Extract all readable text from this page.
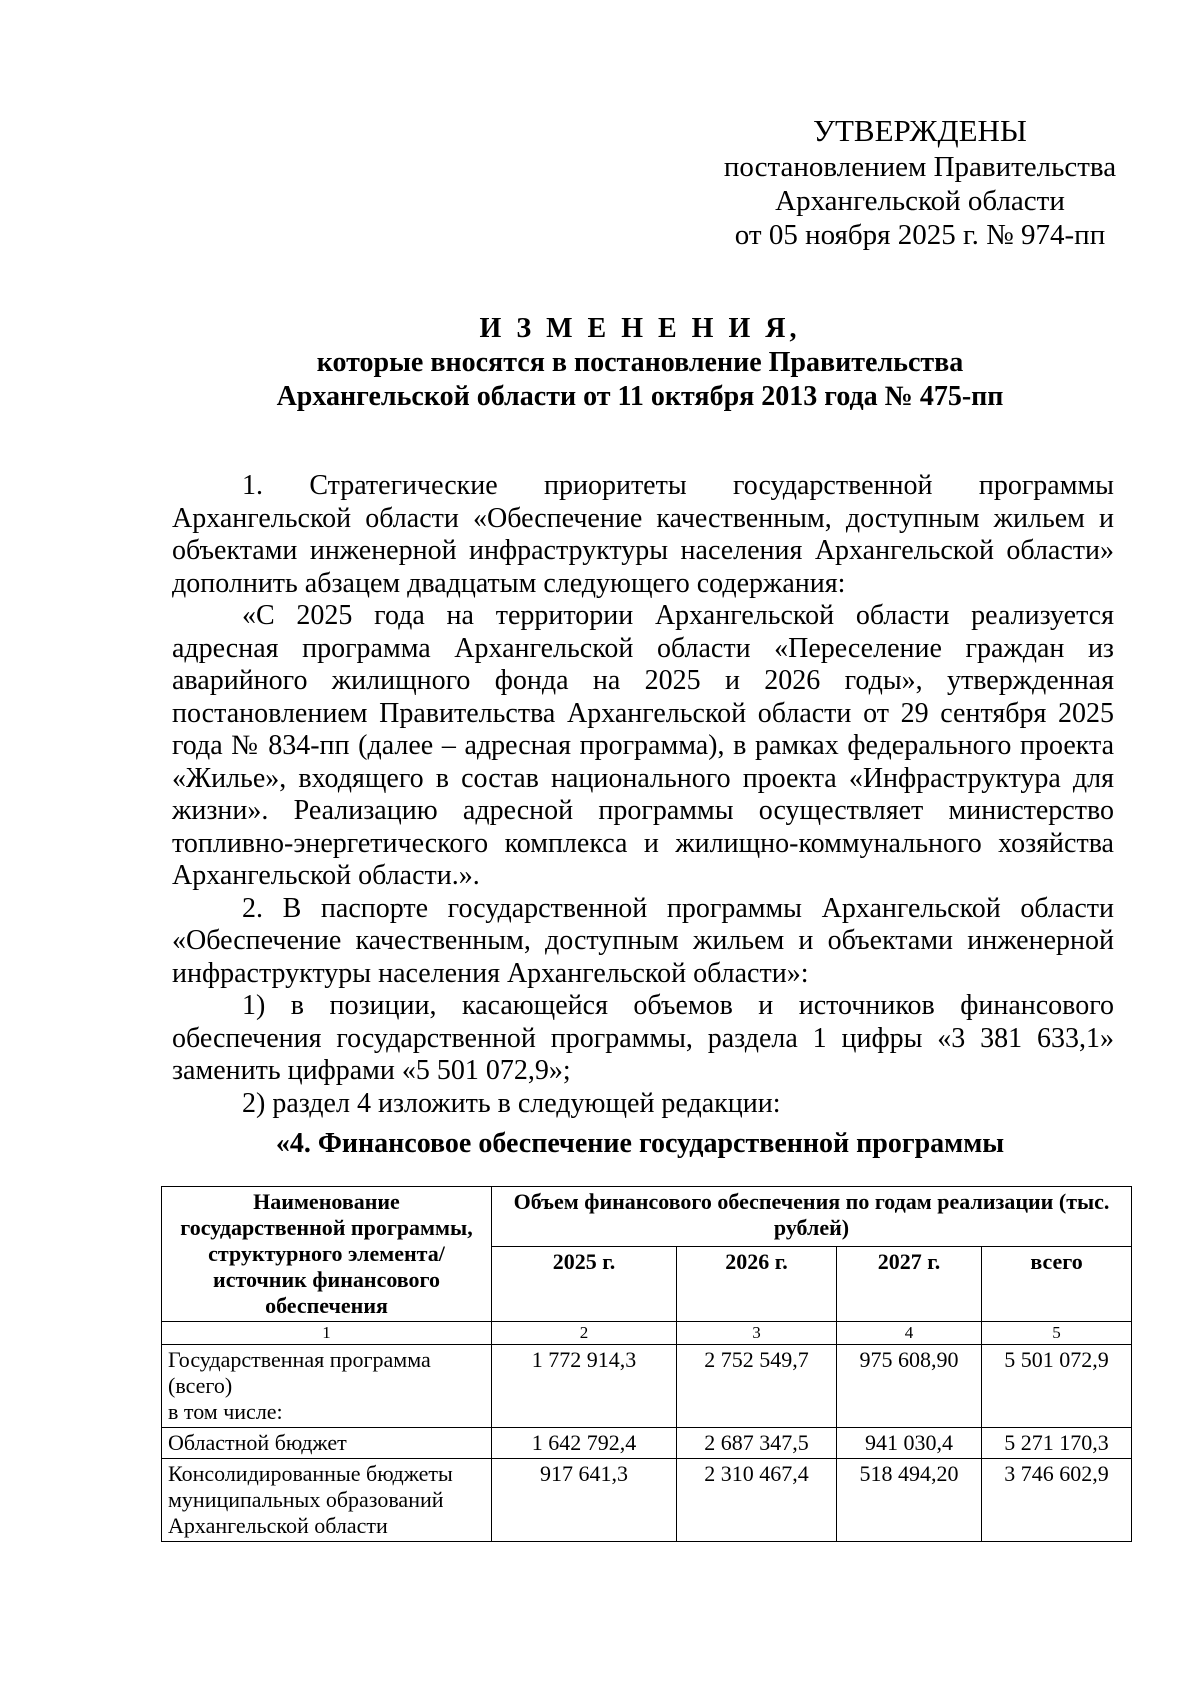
УТВЕРЖДЕНЫ
постановлением Правительства
Архангельской области
от 05 ноября 2025 г. № 974-пп
И З М Е Н Е Н И Я,
которые вносятся в постановление Правительства
Архангельской области от 11 октября 2013 года № 475-пп

1. Стратегические приоритеты государственной программы Архангельской области «Обеспечение качественным, доступным жильем и объектами инженерной инфраструктуры населения Архангельской области» дополнить абзацем двадцатым следующего содержания:

«С 2025 года на территории Архангельской области реализуется адресная программа Архангельской области «Переселение граждан из аварийного жилищного фонда на 2025 и 2026 годы», утвержденная постановлением Правительства Архангельской области от 29 сентября 2025 года № 834-пп (далее – адресная программа), в рамках федерального проекта «Жилье», входящего в состав национального проекта «Инфраструктура для жизни». Реализацию адресной программы осуществляет министерство топливно-энергетического комплекса и жилищно-коммунального хозяйства Архангельской области.».

2. В паспорте государственной программы Архангельской области «Обеспечение качественным, доступным жильем и объектами инженерной инфраструктуры населения Архангельской области»:

1) в позиции, касающейся объемов и источников финансового обеспечения государственной программы, раздела 1 цифры «3 381 633,1» заменить цифрами «5 501 072,9»;

2) раздел 4 изложить в следующей редакции:

«4. Финансовое обеспечение государственной программы
Наименование государственной программы, структурного элемента/источник финансового обеспечения	Объем финансового обеспечения по годам реализации (тыс. рублей)			
	2025 г.	2026 г.	2027 г.	всего
1	2	3	4	5
Государственная программа (всего)
в том числе:	1 772 914,3	2 752 549,7	975 608,90	5 501 072,9
Областной бюджет	1 642 792,4	2 687 347,5	941 030,4	5 271 170,3
Консолидированные бюджеты муниципальных образований Архангельской области	917 641,3	2 310 467,4	518 494,20	3 746 602,9
